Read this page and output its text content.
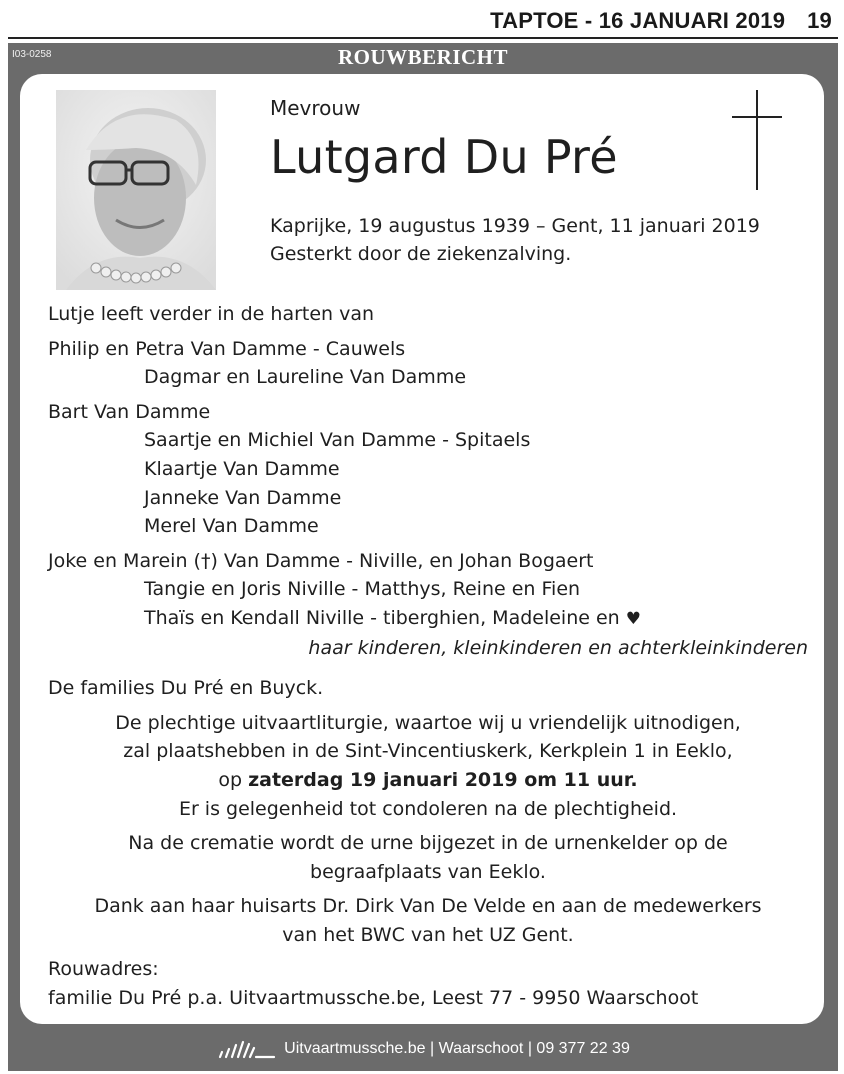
TAPTOE - 16 JANUARI 2019 19
I03-0258	ROUWBERICHT
Mevrouw
Lutgard Du Pré
Kaprijke, 19 augustus 1939 – Gent, 11 januari 2019
Gesterkt door de ziekenzalving.

Lutje leeft verder in de harten van

Philip en Petra Van Damme - Cauwels

Dagmar en Laureline Van Damme

Bart Van Damme

Saartje en Michiel Van Damme - Spitaels

Klaartje Van Damme

Janneke Van Damme

Merel Van Damme

Joke en Marein (†) Van Damme - Niville, en Johan Bogaert

Tangie en Joris Niville - Matthys, Reine en Fien

Thaïs en Kendall Niville - tiberghien, Madeleine en ♥

haar kinderen, kleinkinderen en achterkleinkinderen

De families Du Pré en Buyck.

De plechtige uitvaartliturgie, waartoe wij u vriendelijk uitnodigen,

zal plaatshebben in de Sint-Vincentiuskerk, Kerkplein 1 in Eeklo,

op zaterdag 19 januari 2019 om 11 uur.

Er is gelegenheid tot condoleren na de plechtigheid.

Na de crematie wordt de urne bijgezet in de urnenkelder op de

begraafplaats van Eeklo.

Dank aan haar huisarts Dr. Dirk Van De Velde en aan de medewerkers

van het BWC van het UZ Gent.

Rouwadres:

familie Du Pré p.a. Uitvaartmussche.be, Leest 77 - 9950 Waarschoot

Uitvaartmussche.be | Waarschoot | 09 377 22 39
